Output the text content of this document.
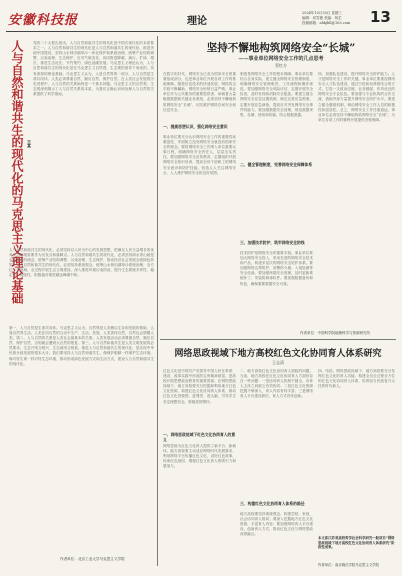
安徽科技报	理论
2024年10月30日 星期三
编辑：邓雪薇 美编：何芷
投稿邮箱：ahkjbll@163.com 13
人与自然和谐共生的现代化的马克思主义理论基础 王某
党的二十大报告指出，人与自然和谐共生的现代化是中国式现代化的本质要求之一。人与自然和谐共生的现代化是人与自然和谐共生的现代化，推进美丽中国建设，坚持山水林田湖草沙一体化保护和系统治理，统筹产业结构调整、污染治理、生态保护、应对气候变化，协同推进降碳、减污、扩绿、增长，推进生态优先、节约集约、绿色低碳发展。马克思主义理论认为，人与自然和谐共生的现代化是在马克思主义自然观、生态观的指导下形成的，具有深厚的理论基础。马克思主义认为，人是自然界的一部分，人与自然是生命共同体。人类必须尊重自然、顺应自然、保护自然。在人类社会发展的历史进程中，人与自然的关系始终是一个基本问题。马克思主义的自然观、生态观深刻揭示了人与自然关系的本质，为我们正确认识和处理人与自然的关系提供了科学指南。
人与自然和谐共生的现代化，必须坚持以人民为中心的发展思想，把满足人民日益增长的优美生态环境需要作为出发点和落脚点。人与自然和谐共生的现代化，必须坚持绿水青山就是金山银山的理念，统筹产业结构调整、污染治理、生态保护，推动经济社会发展全面绿色转型。人与自然和谐共生的现代化，必须坚持系统观念，统筹山水林田湖草沙系统治理，全方位、全地域、全过程开展生态文明建设，深入推进环境污染防治，提升生态系统多样性、稳定性、持续性，积极稳妥推进碳达峰碳中和。
第一，人与自然是生命共同体。马克思主义认为，自然界是人类赖以生存和发展的基础，人靠自然界生活。人类在同自然的互动中生产、生活、发展，人类善待自然，自然也会馈赠人类。第二，人与自然的关系是人类社会最基本的关系。人类发展活动必须尊重自然、顺应自然、保护自然，否则就会遭到大自然的报复。第三，人与自然和谐共生是人类文明发展的必然要求。生态兴则文明兴，生态衰则文明衰。推进人与自然和谐共生的现代化，是实现中华民族永续发展的根本大计。我们要坚持人与自然和谐共生，像保护眼睛一样保护生态环境，像对待生命一样对待生态环境，推动形成绿色发展方式和生活方式，建设人与自然和谐共生的现代化。
作者单位：北京工业大学马克思主义学院
坚持不懈地构筑网络安全“长城”
——事业单位网络安全工作的几点思考
蔡红方
在数字化时代，网络安全已成为国家安全的重要组成部分，也是事业单位开展各项工作的基础保障。随着信息技术的快速发展，网络攻击手段不断翻新，网络安全形势日益严峻。事业单位作为公共服务的重要提供者，承载着大量敏感数据和关键业务系统，必须坚持不懈地构筑网络安全“长城”，切实维护网络空间安全和信息安全。
一、提高思想认识，强化网络安全意识
事业单位要充分认识网络安全工作的重要性和紧迫性，牢固树立没有网络安全就没有国家安全的理念。要将网络安全工作纳入单位重要议事日程，明确网络安全责任人，层层压实责任。要加强网络安全宣传教育，定期组织开展网络安全知识培训，提高全体干部职工的网络安全意识和防护技能，营造人人关注网络安全、人人维护网络安全的良好氛围。
制度是网络安全工作的根本保障。事业单位要结合自身实际，建立健全网络安全管理制度，明确网络安全管理职责、工作流程和操作规范。要加强网络安全风险评估，定期开展安全检查，及时发现和消除安全隐患。要建立健全网络安全应急处置机制，制定完善应急预案，定期开展应急演练，提高应对突发网络安全事件的能力。要加强数据安全管理，规范数据采集、存储、使用和传输，防止数据泄露。
二、健全管理制度，完善网络安全保障体系
三、加强技术防护，筑牢网络安全防线
技术防护是网络安全的重要手段。事业单位要加大网络安全投入，采用先进的网络安全技术和产品，构建多层次的网络安全防护体系。要加强网络边界防护，部署防火墙、入侵检测等安全设备。要加强终端安全管理，及时更新系统补丁，安装防病毒软件。要加强数据备份和恢复，确保重要数据安全可靠。
四、加强队伍建设，提升网络安全防护能力。人才是网络安全工作的关键。事业单位要重视网络安全人才队伍建设，通过引进和培养相结合的方式，打造一支政治过硬、业务精湛、作风优良的网络安全专业队伍。要加强与专业机构的合作交流，借助外部力量提升网络安全防护水平。要建立健全激励机制，调动网络安全工作人员的积极性和创造性。总之，网络安全工作任重道远，事业单位必须坚持不懈地构筑网络安全“长城”，为单位各项工作的顺利开展提供坚强保障。
作者单位：中国科学院地理科学与资源研究所
网络思政视域下地方高校红色文化协同育人体系研究
王志清
红色文化是中国共产党领导中国人民在革命、建设、改革实践中形成的宝贵精神财富，是高校开展思想政治教育的重要资源。在网络思政视域下，地方高校要充分挖掘和利用地方红色文化资源，构建红色文化协同育人体系，推动红色文化进校园、进课堂、进头脑，引导学生坚定理想信念、厚植爱国情怀。
一、网络思政视域下红色文化协同育人的意义
网络思政为红色文化育人提供了新平台、新载体。地方高校要主动适应网络时代发展要求，利用网络平台传播红色文化，讲好红色故事，传承红色基因，增强红色文化育人的吸引力和感染力。
二、地方高校红色文化协同育人面临的问题。当前，地方高校在红色文化协同育人方面仍存在一些问题：一是协同育人机制不健全，各育人主体之间缺乏有效协同；二是红色文化资源挖掘不够深入，育人内容有待丰富；三是网络育人平台建设滞后，育人方式有待创新。
三、构建红色文化协同育人体系的路径
地方高校要坚持系统观念，构建学校、家庭、社会协同育人格局；要深入挖掘地方红色文化资源，丰富育人内容；要加强网络育人平台建设，创新育人方式，推动红色文化与网络思政深度融合。
四、结语。网络思政视域下，地方高校要充分发挥红色文化的育人功能，构建全员全过程全方位的红色文化协同育人体系，培养担当民族复兴大任的时代新人。
本文系江苏省高校哲学社会科学研究一般项目“网络思政视域下地方高校红色文化协同育人体系研究”阶段性成果。
作者单位：南京晓庄学院马克思主义学院
